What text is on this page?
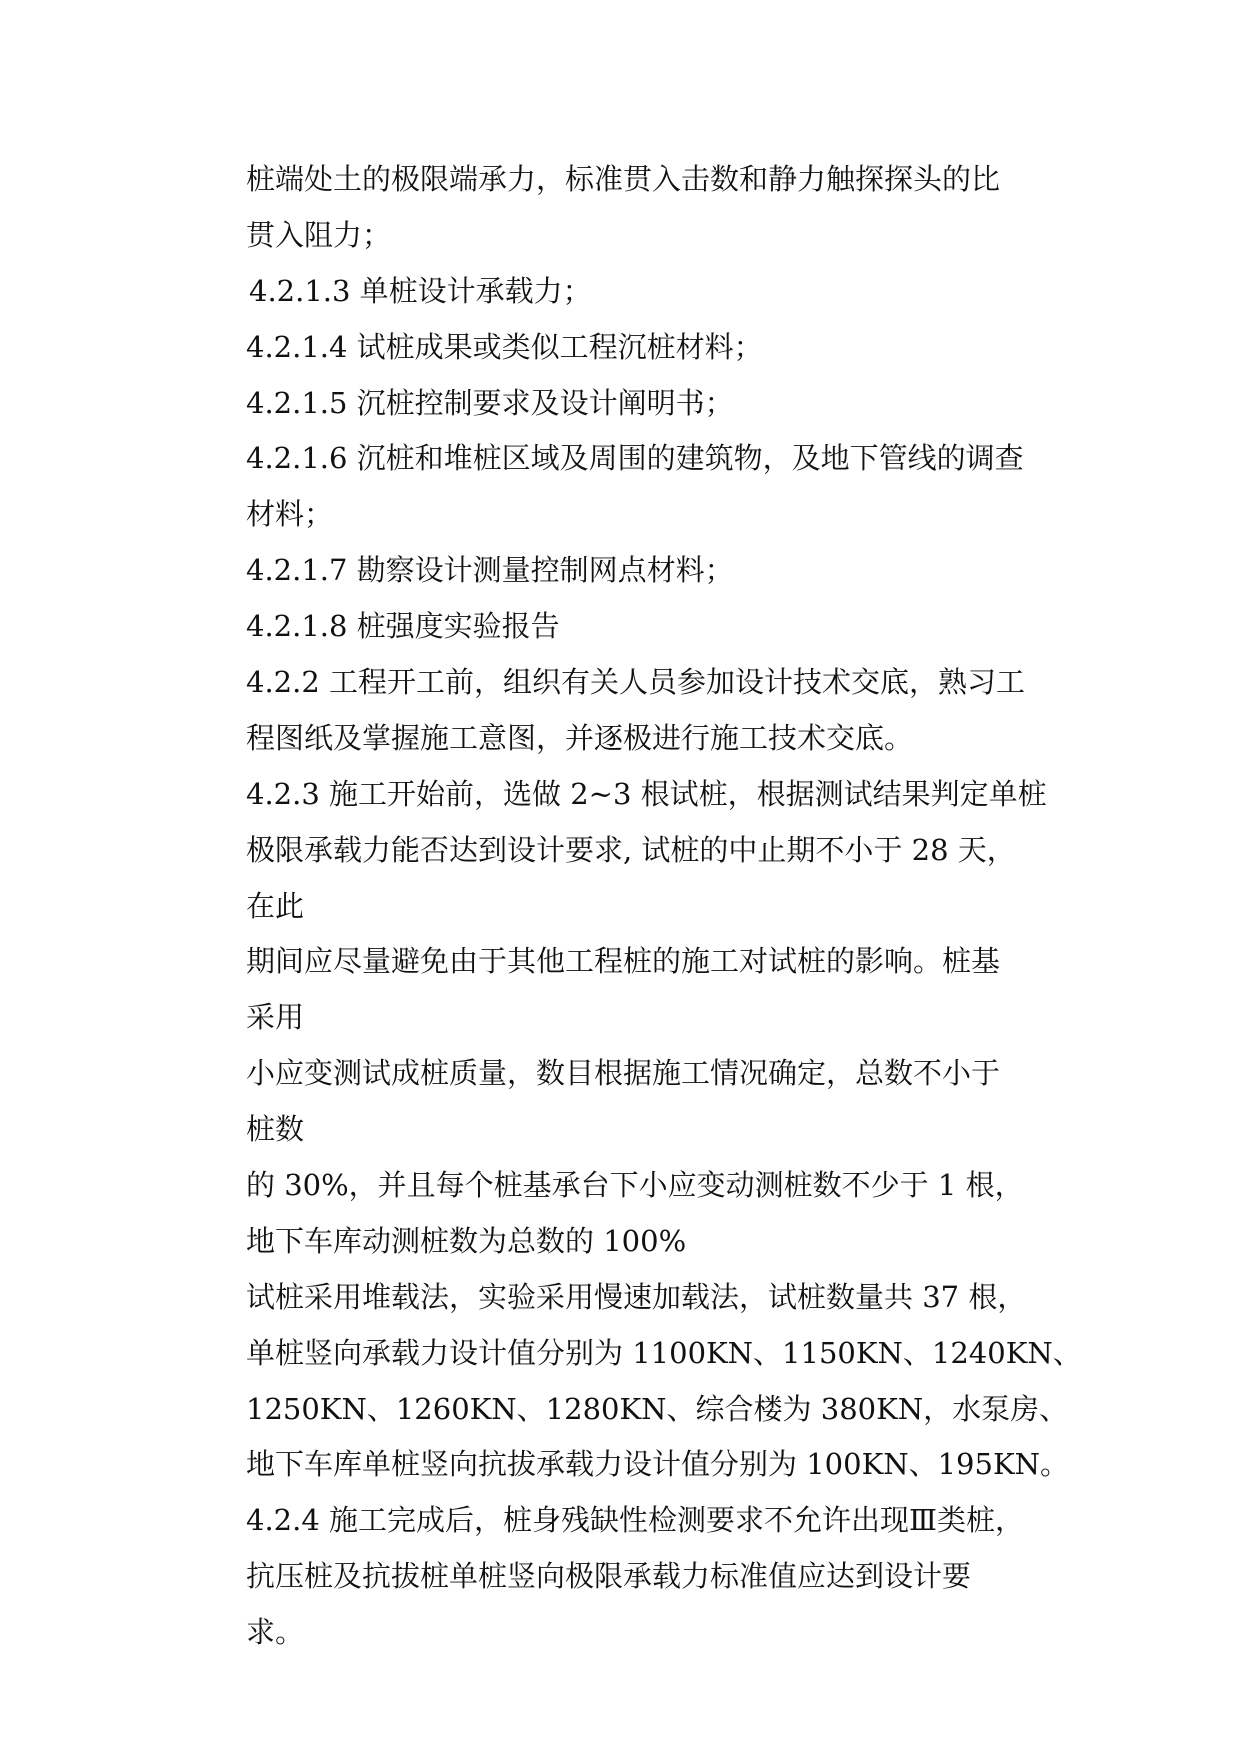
桩端处土的极限端承力，标准贯入击数和静力触探探头的比
贯入阻力；
4.2.1.3 单桩设计承载力；
4.2.1.4 试桩成果或类似工程沉桩材料；
4.2.1.5 沉桩控制要求及设计阐明书；
4.2.1.6 沉桩和堆桩区域及周围的建筑物，及地下管线的调查
材料；
4.2.1.7 勘察设计测量控制网点材料；
4.2.1.8 桩强度实验报告
4.2.2 工程开工前，组织有关人员参加设计技术交底，熟习工
程图纸及掌握施工意图，并逐极进行施工技术交底。
4.2.3 施工开始前，选做 2~3 根试桩，根据测试结果判定单桩
极限承载力能否达到设计要求, 试桩的中止期不小于 28 天，
在此
期间应尽量避免由于其他工程桩的施工对试桩的影响。桩基
采用
小应变测试成桩质量，数目根据施工情况确定，总数不小于
桩数
的 30%，并且每个桩基承台下小应变动测桩数不少于 1 根，
地下车库动测桩数为总数的 100%
试桩采用堆载法，实验采用慢速加载法，试桩数量共 37 根，
单桩竖向承载力设计值分别为 1100KN、1150KN、1240KN、
1250KN、1260KN、1280KN、综合楼为 380KN，水泵房、
地下车库单桩竖向抗拔承载力设计值分别为 100KN、195KN。
4.2.4 施工完成后，桩身残缺性检测要求不允许出现Ⅲ类桩，
抗压桩及抗拔桩单桩竖向极限承载力标准值应达到设计要
求。
